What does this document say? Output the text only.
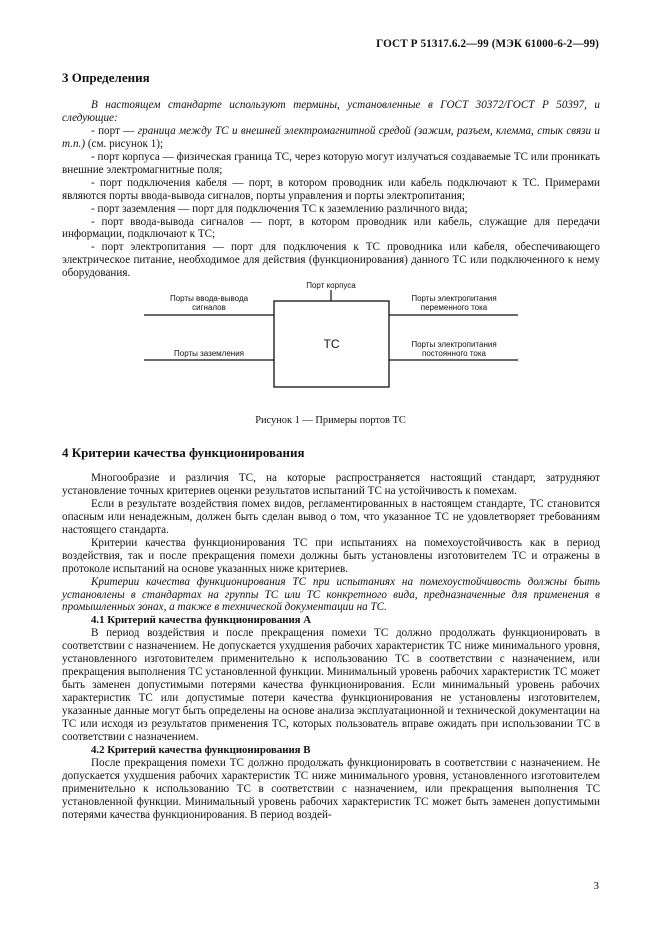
ГОСТ Р 51317.6.2—99 (МЭК 61000-6-2—99)

3 Определения

В настоящем стандарте используют термины, установленные в ГОСТ 30372/ГОСТ Р 50397, и следующие:

- порт — граница между ТС и внешней электромагнитной средой (зажим, разъем, клемма, стык связи и т.п.) (см. рисунок 1);

- порт корпуса — физическая граница ТС, через которую могут излучаться создаваемые ТС или проникать внешние электромагнитные поля;

- порт подключения кабеля — порт, в котором проводник или кабель подключают к ТС. Примерами являются порты ввода-вывода сигналов, порты управления и порты электропитания;

- порт заземления — порт для подключения ТС к заземлению различного вида;

- порт ввода-вывода сигналов — порт, в котором проводник или кабель, служащие для передачи информации, подключают к ТС;

- порт электропитания — порт для подключения к ТС проводника или кабеля, обеспечивающего электрическое питание, необходимое для действия (функционирования) данного ТС или подключенного к нему оборудования.

Порт корпуса
Порты ввода-вывода
сигналов
Порты заземления
Порты электропитания
переменного тока
Порты электропитания
постоянного тока
ТС
Рисунок 1 — Примеры портов ТС

4 Критерии качества функционирования

Многообразие и различия ТС, на которые распространяется настоящий стандарт, затрудняют установление точных критериев оценки результатов испытаний ТС на устойчивость к помехам.

Если в результате воздействия помех видов, регламентированных в настоящем стандарте, ТС становится опасным или ненадежным, должен быть сделан вывод о том, что указанное ТС не удовлетворяет требованиям настоящего стандарта.

Критерии качества функционирования ТС при испытаниях на помехоустойчивость как в период воздействия, так и после прекращения помехи должны быть установлены изготовителем ТС и отражены в протоколе испытаний на основе указанных ниже критериев.

Критерии качества функционирования ТС при испытаниях на помехоустойчивость должны быть установлены в стандартах на группы ТС или ТС конкретного вида, предназначенные для применения в промышленных зонах, а также в технической документации на ТС.

4.1 Критерий качества функционирования А

В период воздействия и после прекращения помехи ТС должно продолжать функционировать в соответствии с назначением. Не допускается ухудшения рабочих характеристик ТС ниже минимального уровня, установленного изготовителем применительно к использованию ТС в соответствии с назначением, или прекращения выполнения ТС установленной функции. Минимальный уровень рабочих характеристик ТС может быть заменен допустимыми потерями качества функционирования. Если минимальный уровень рабочих характеристик ТС или допустимые потери качества функционирования не установлены изготовителем, указанные данные могут быть определены на основе анализа эксплуатационной и технической документации на ТС или исходя из результатов применения ТС, которых пользователь вправе ожидать при использовании ТС в соответствии с назначением.

4.2 Критерий качества функционирования В

После прекращения помехи ТС должно продолжать функционировать в соответствии с назначением. Не допускается ухудшения рабочих характеристик ТС ниже минимального уровня, установленного изготовителем применительно к использованию ТС в соответствии с назначением, или прекращения выполнения ТС установленной функции. Минимальный уровень рабочих характеристик ТС может быть заменен допустимыми потерями качества функционирования. В период воздей-

3
